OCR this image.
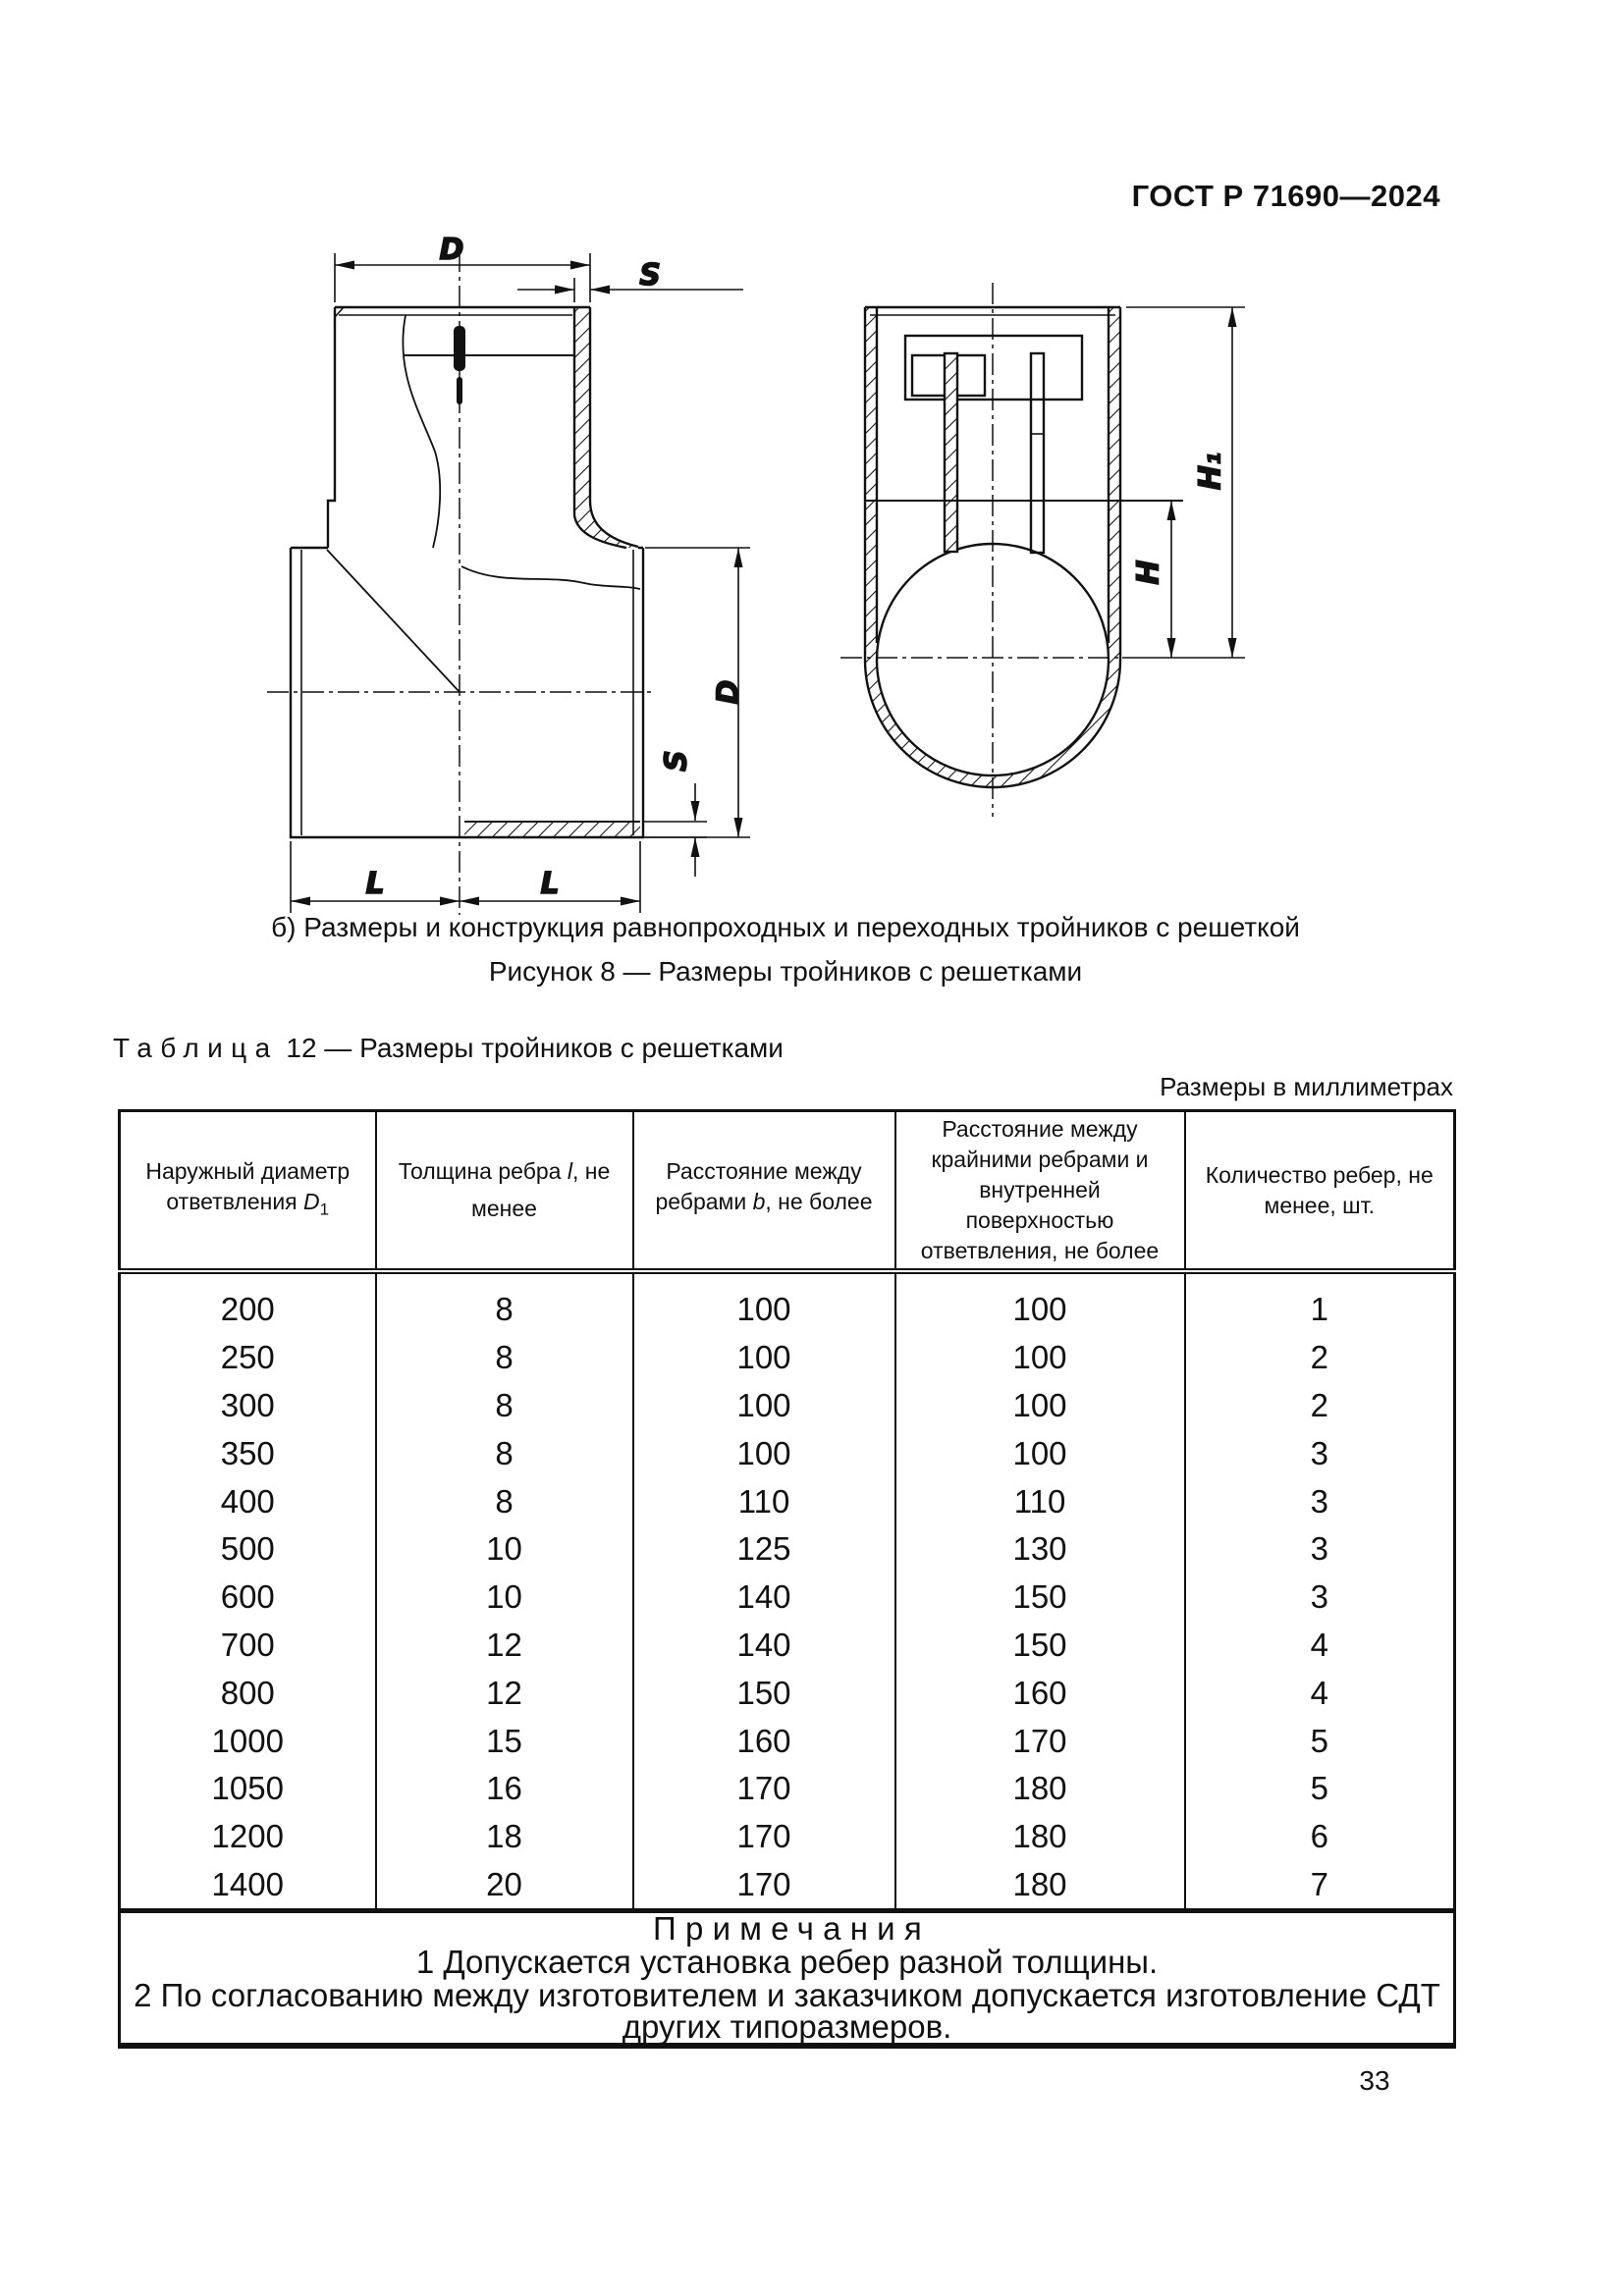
ГОСТ Р 71690—2024
D
S
D
S
L	L
H
H₁
б) Размеры и конструкция равнопроходных и переходных тройников с решеткой
Рисунок 8 — Размеры тройников с решетками
Таблица 12 — Размеры тройников с решетками
Размеры в миллиметрах
Наружный диаметр ответвления $D_1$	Толщина ребра l, не менее	Расстояние между ребрами b, не более	Расстояние между крайними ребрами и внутренней поверхностью ответвления, не более	Количество ребер, не менее, шт.
200	8	100	100	1
250	8	100	100	2
300	8	100	100	2
350	8	100	100	3
400	8	110	110	3
500	10	125	130	3
600	10	140	150	3
700	12	140	150	4
800	12	150	160	4
1000	15	160	170	5
1050	16	170	180	5
1200	18	170	180	6
1400	20	170	180	7

Примечания
1 Допускается установка ребер разной толщины.
2 По согласованию между изготовителем и заказчиком допускается изготовление СДТ других типоразмеров.				
33
